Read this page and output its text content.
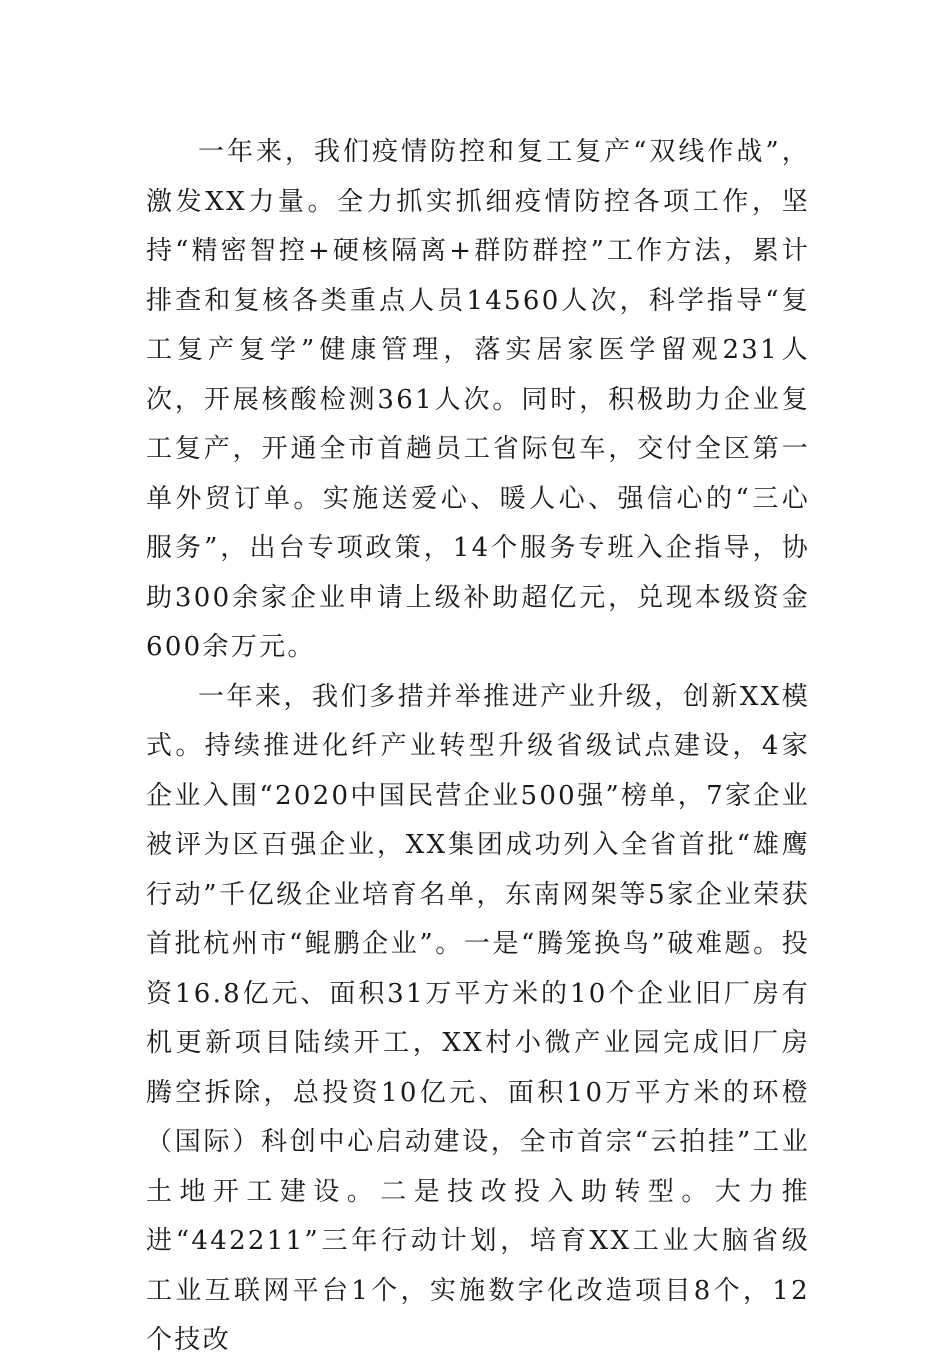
一年来，我们疫情防控和复工复产“双线作战”，激发XX力量。全力抓实抓细疫情防控各项工作，坚持“精密智控+硬核隔离+群防群控”工作方法，累计排查和复核各类重点人员14560人次，科学指导“复工复产复学”健康管理，落实居家医学留观231人次，开展核酸检测361人次。同时，积极助力企业复工复产，开通全市首趟员工省际包车，交付全区第一单外贸订单。实施送爱心、暖人心、强信心的“三心服务”，出台专项政策，14个服务专班入企指导，协助300余家企业申请上级补助超亿元，兑现本级资金600余万元。

一年来，我们多措并举推进产业升级，创新XX模式。持续推进化纤产业转型升级省级试点建设，4家企业入围“2020中国民营企业500强”榜单，7家企业被评为区百强企业，XX集团成功列入全省首批“雄鹰行动”千亿级企业培育名单，东南网架等5家企业荣获首批杭州市“鲲鹏企业”。一是“腾笼换鸟”破难题。投资16.8亿元、面积31万平方米的10个企业旧厂房有机更新项目陆续开工，XX村小微产业园完成旧厂房腾空拆除，总投资10亿元、面积10万平方米的环橙（国际）科创中心启动建设，全市首宗“云拍挂”工业土地开工建设。二是技改投入助转型。大力推进“442211”三年行动计划，培育XX工业大脑省级工业互联网平台1个，实施数字化改造项目8个，12个技改
